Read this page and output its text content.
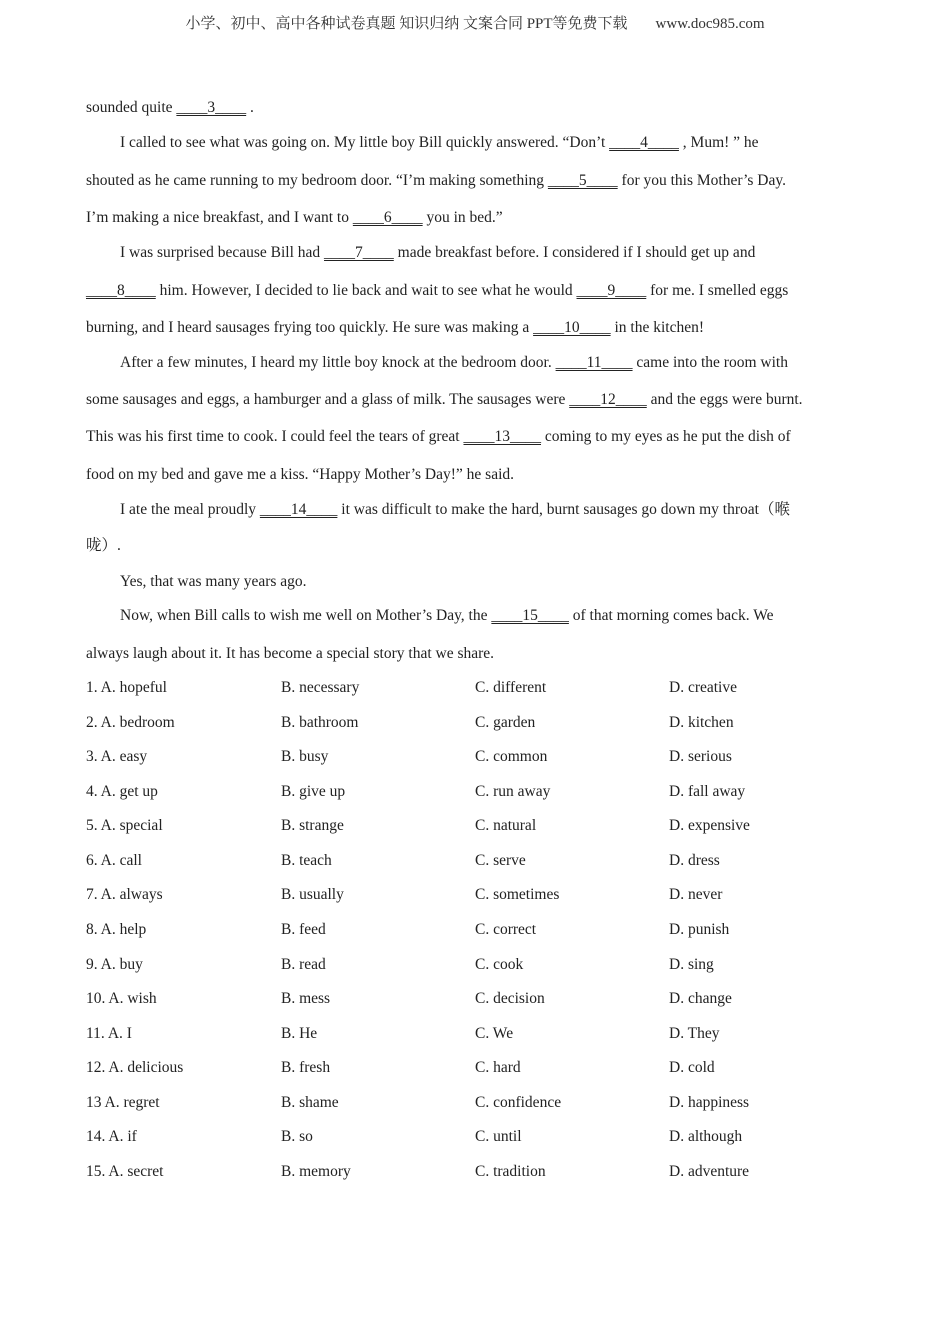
小学、初中、高中各种试卷真题 知识归纳 文案合同 PPT等免费下载 www.doc985.com
sounded quite ____3____ .
I called to see what was going on. My little boy Bill quickly answered. “Don’t ____4____ , Mum! ” he
shouted as he came running to my bedroom door. “I’m making something ____5____ for you this Mother’s Day.
I’m making a nice breakfast, and I want to ____6____ you in bed.”
I was surprised because Bill had ____7____ made breakfast before. I considered if I should get up and
____8____ him. However, I decided to lie back and wait to see what he would ____9____ for me. I smelled eggs
burning, and I heard sausages frying too quickly. He sure was making a ____10____ in the kitchen!
After a few minutes, I heard my little boy knock at the bedroom door. ____11____ came into the room with
some sausages and eggs, a hamburger and a glass of milk. The sausages were ____12____ and the eggs were burnt.
This was his first time to cook. I could feel the tears of great ____13____ coming to my eyes as he put the dish of
food on my bed and gave me a kiss. “Happy Mother’s Day!” he said.
I ate the meal proudly ____14____ it was difficult to make the hard, burnt sausages go down my throat（喉
咙）.
Yes, that was many years ago.
Now, when Bill calls to wish me well on Mother’s Day, the ____15____ of that morning comes back. We
always laugh about it. It has become a special story that we share.
1. A. hopeful	B. necessary	C. different	D. creative
2. A. bedroom	B. bathroom	C. garden	D. kitchen
3. A. easy	B. busy	C. common	D. serious
4. A. get up	B. give up	C. run away	D. fall away
5. A. special	B. strange	C. natural	D. expensive
6. A. call	B. teach	C. serve	D. dress
7. A. always	B. usually	C. sometimes	D. never
8. A. help	B. feed	C. correct	D. punish
9. A. buy	B. read	C. cook	D. sing
10. A. wish	B. mess	C. decision	D. change
11. A. I	B. He	C. We	D. They
12. A. delicious	B. fresh	C. hard	D. cold
13 A. regret	B. shame	C. confidence	D. happiness
14. A. if	B. so	C. until	D. although
15. A. secret	B. memory	C. tradition	D. adventure
